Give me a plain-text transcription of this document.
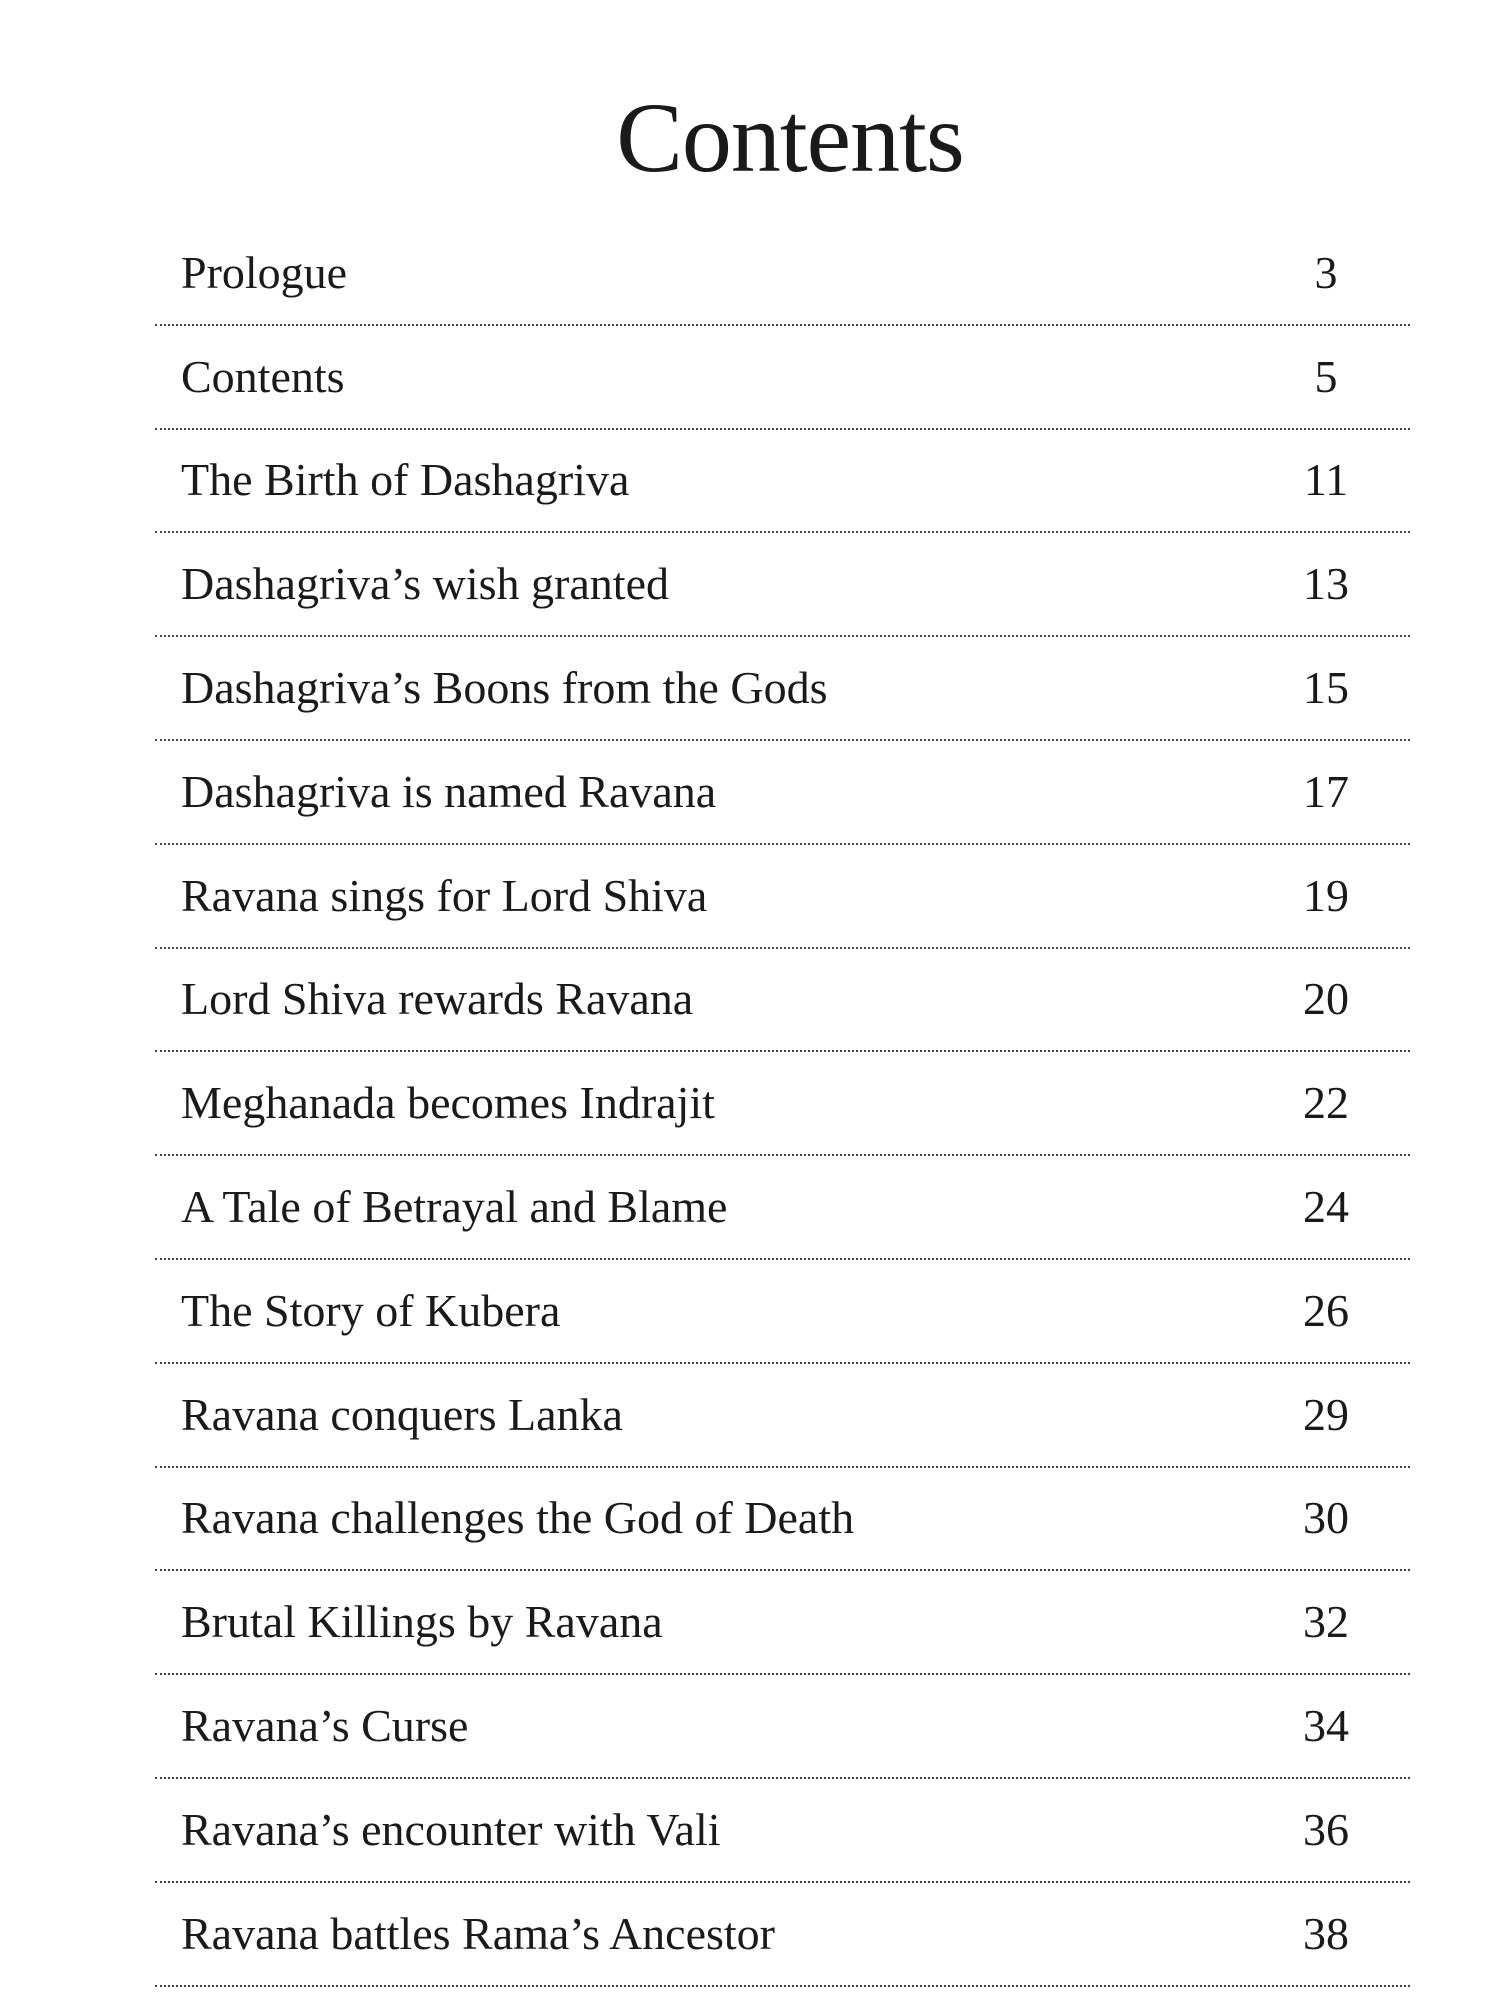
Contents
Prologue	3
Contents	5
The Birth of Dashagriva	11
Dashagriva’s wish granted	13
Dashagriva’s Boons from the Gods	15
Dashagriva is named Ravana	17
Ravana sings for Lord Shiva	19
Lord Shiva rewards Ravana	20
Meghanada becomes Indrajit	22
A Tale of Betrayal and Blame	24
The Story of Kubera	26
Ravana conquers Lanka	29
Ravana challenges the God of Death	30
Brutal Killings by Ravana	32
Ravana’s Curse	34
Ravana’s encounter with Vali	36
Ravana battles Rama’s Ancestor	38
